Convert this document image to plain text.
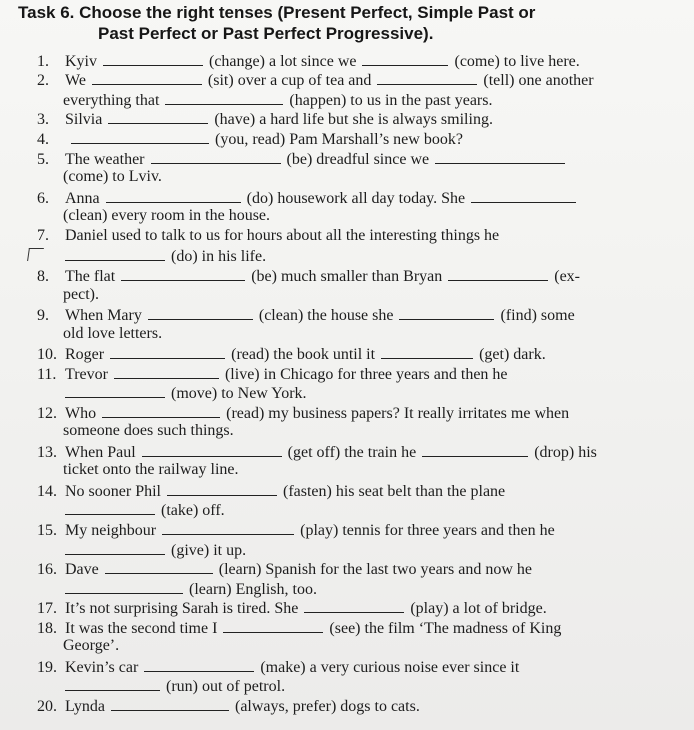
Task 6. Choose the right tenses (Present Perfect, Simple Past or
Past Perfect or Past Perfect Progressive).
1. Kyiv	(change) a lot since we	(come) to live here.
2. We	(sit) over a cup of tea and	(tell) one another
everything that	(happen) to us in the past years.
3. Silvia	(have) a hard life but she is always smiling.
4.	(you, read) Pam Marshall’s new book?
5. The weather	(be) dreadful since we
(come) to Lviv.
6. Anna	(do) housework all day today. She
(clean) every room in the house.
7. Daniel used to talk to us for hours about all the interesting things he
(do) in his life.
8. The flat	(be) much smaller than Bryan	(ex-
pect).
9. When Mary	(clean) the house she	(find) some
old love letters.
10. Roger	(read) the book until it	(get) dark.
11. Trevor	(live) in Chicago for three years and then he
(move) to New York.
12. Who	(read) my business papers? It really irritates me when
someone does such things.
13. When Paul	(get off) the train he	(drop) his
ticket onto the railway line.
14. No sooner Phil	(fasten) his seat belt than the plane
(take) off.
15. My neighbour	(play) tennis for three years and then he
(give) it up.
16. Dave	(learn) Spanish for the last two years and now he
(learn) English, too.
17. It’s not surprising Sarah is tired. She	(play) a lot of bridge.
18. It was the second time I	(see) the film ‘The madness of King
George’.
19. Kevin’s car	(make) a very curious noise ever since it
(run) out of petrol.
20. Lynda	(always, prefer) dogs to cats.
